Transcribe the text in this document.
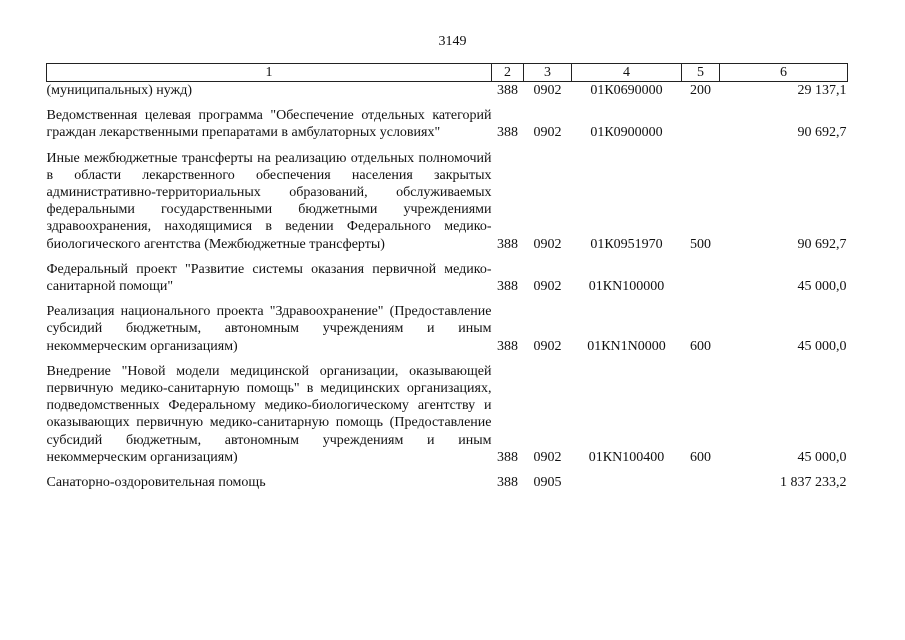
3149
1	2	3	4	5	6
(муниципальных) нужд)	388	0902	01К0690000	200	29 137,1
Ведомственная целевая программа "Обеспечение отдельных категорий граждан лекарственными препаратами в амбулаторных условиях"	388	0902	01К0900000		90 692,7
Иные межбюджетные трансферты на реализацию отдельных полномочий в области лекарственного обеспечения населения закрытых административно-территориальных образований, обслуживаемых федеральными государственными бюджетными учреждениями здравоохранения, находящимися в ведении Федерального медико-биологического агентства (Межбюджетные трансферты)	388	0902	01К0951970	500	90 692,7
Федеральный проект "Развитие системы оказания первичной медико-санитарной помощи"	388	0902	01КN100000		45 000,0
Реализация национального проекта "Здравоохранение" (Предоставление субсидий бюджетным, автономным учреждениям и иным некоммерческим организациям)	388	0902	01КN1N0000	600	45 000,0
Внедрение "Новой модели медицинской организации, оказывающей первичную медико-санитарную помощь" в медицинских организациях, подведомственных Федеральному медико-биологическому агентству и оказывающих первичную медико-санитарную помощь (Предоставление субсидий бюджетным, автономным учреждениям и иным некоммерческим организациям)	388	0902	01КN100400	600	45 000,0
Санаторно-оздоровительная помощь	388	0905			1 837 233,2
